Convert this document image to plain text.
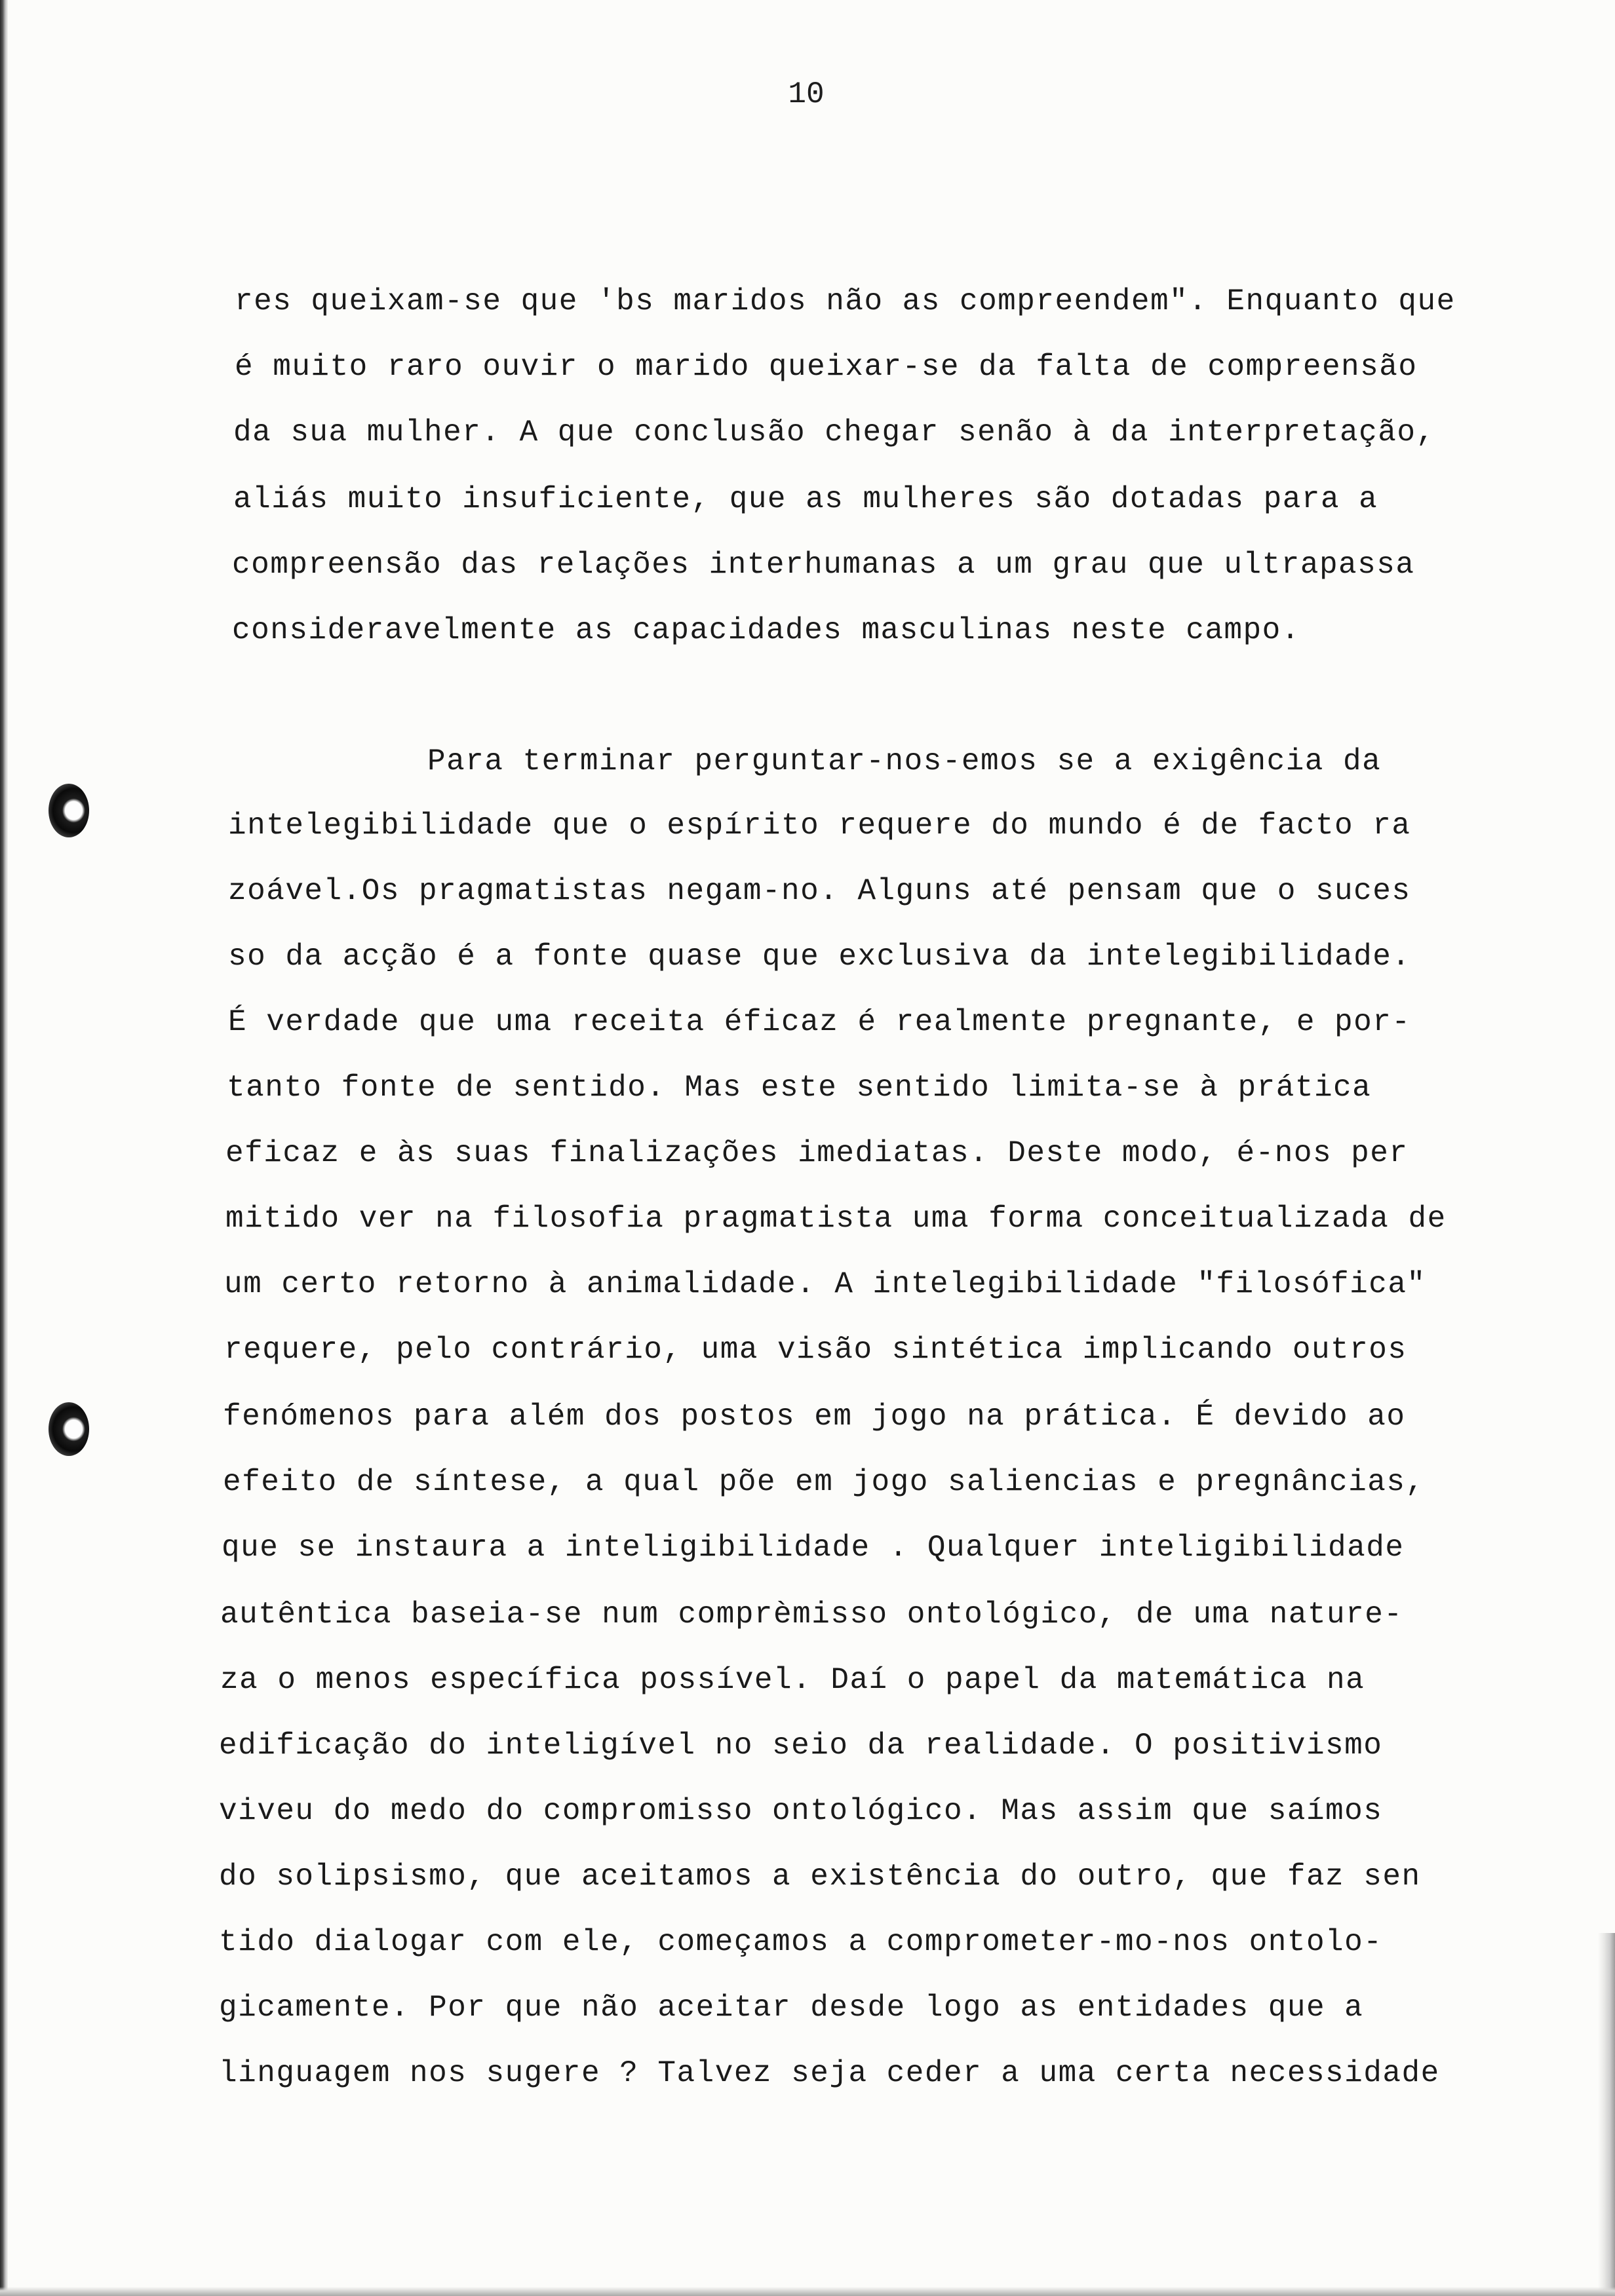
10

res queixam-se que 'bs maridos não as compreendem". Enquanto que

é muito raro ouvir o marido queixar-se da falta de compreensão

da sua mulher. A que conclusão chegar senão à da interpretação,

aliás muito insuficiente, que as mulheres são dotadas para a

compreensão das relações interhumanas a um grau que ultrapassa

consideravelmente as capacidades masculinas neste campo.

Para terminar perguntar-nos-emos se a exigência da

intelegibilidade que o espírito requere do mundo é de facto ra

zoável.Os pragmatistas negam-no. Alguns até pensam que o suces

so da acção é a fonte quase que exclusiva da intelegibilidade.

É verdade que uma receita éficaz é realmente pregnante, e por-

tanto fonte de sentido. Mas este sentido limita-se à prática

eficaz e às suas finalizações imediatas. Deste modo, é-nos per

mitido ver na filosofia pragmatista uma forma conceitualizada de

um certo retorno à animalidade. A intelegibilidade "filosófica"

requere, pelo contrário, uma visão sintética implicando outros

fenómenos para além dos postos em jogo na prática. É devido ao

efeito de síntese, a qual põe em jogo saliencias e pregnâncias,

que se instaura a inteligibilidade . Qualquer inteligibilidade

autêntica baseia-se num comprèmisso ontológico, de uma nature-

za o menos específica possível. Daí o papel da matemática na

edificação do inteligível no seio da realidade. O positivismo

viveu do medo do compromisso ontológico. Mas assim que saímos

do solipsismo, que aceitamos a existência do outro, que faz sen

tido dialogar com ele, começamos a comprometer-mo-nos ontolo-

gicamente. Por que não aceitar desde logo as entidades que a

linguagem nos sugere ? Talvez seja ceder a uma certa necessidade
